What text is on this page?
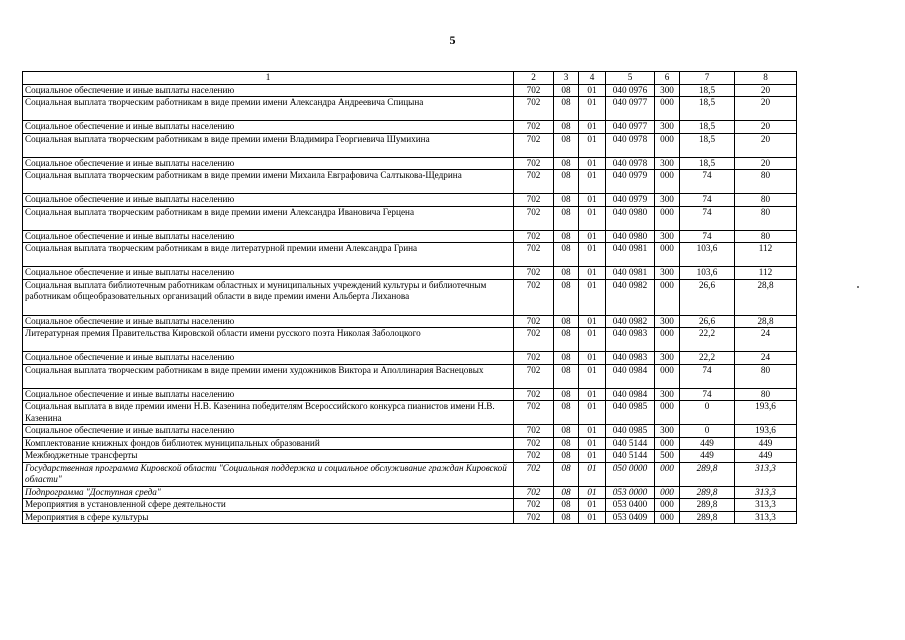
5
1	2	3	4	5	6	7	8
Социальное обеспечение и иные выплаты населению	702	08	01	040 0976	300	18,5	20
Социальная выплата творческим работникам в виде премии имени Александра Андреевича Спицына	702	08	01	040 0977	000	18,5	20
Социальное обеспечение и иные выплаты населению	702	08	01	040 0977	300	18,5	20
Социальная выплата творческим работникам в виде премии имени Владимира Георгиевича Шумихина	702	08	01	040 0978	000	18,5	20
Социальное обеспечение и иные выплаты населению	702	08	01	040 0978	300	18,5	20
Социальная выплата творческим работникам в виде премии имени Михаила Евграфовича Салтыкова-Щедрина	702	08	01	040 0979	000	74	80
Социальное обеспечение и иные выплаты населению	702	08	01	040 0979	300	74	80
Социальная выплата творческим работникам в виде премии имени Александра Ивановича Герцена	702	08	01	040 0980	000	74	80
Социальное обеспечение и иные выплаты населению	702	08	01	040 0980	300	74	80
Социальная выплата творческим работникам в виде литературной премии имени Александра Грина	702	08	01	040 0981	000	103,6	112
Социальное обеспечение и иные выплаты населению	702	08	01	040 0981	300	103,6	112
Социальная выплата библиотечным работникам областных и муниципальных учреждений культуры и библиотечным работникам общеобразовательных организаций области в виде премии имени Альберта Лиханова	702	08	01	040 0982	000	26,6	28,8
Социальное обеспечение и иные выплаты населению	702	08	01	040 0982	300	26,6	28,8
Литературная премия Правительства Кировской области имени русского поэта Николая Заболоцкого	702	08	01	040 0983	000	22,2	24
Социальное обеспечение и иные выплаты населению	702	08	01	040 0983	300	22,2	24
Социальная выплата творческим работникам в виде премии имени художников Виктора и Аполлинария Васнецовых	702	08	01	040 0984	000	74	80
Социальное обеспечение и иные выплаты населению	702	08	01	040 0984	300	74	80
Социальная выплата в виде премии имени Н.В. Казенина победителям Всероссийского конкурса пианистов имени Н.В. Казенина	702	08	01	040 0985	000	0	193,6
Социальное обеспечение и иные выплаты населению	702	08	01	040 0985	300	0	193,6
Комплектование книжных фондов библиотек муниципальных образований	702	08	01	040 5144	000	449	449
Межбюджетные трансферты	702	08	01	040 5144	500	449	449
Государственная программа Кировской области "Социальная поддержка и социальное обслуживание граждан Кировской области"	702	08	01	050 0000	000	289,8	313,3
Подпрограмма "Доступная среда"	702	08	01	053 0000	000	289,8	313,3
Мероприятия в установленной сфере деятельности	702	08	01	053 0400	000	289,8	313,3
Мероприятия в сфере культуры	702	08	01	053 0409	000	289,8	313,3
